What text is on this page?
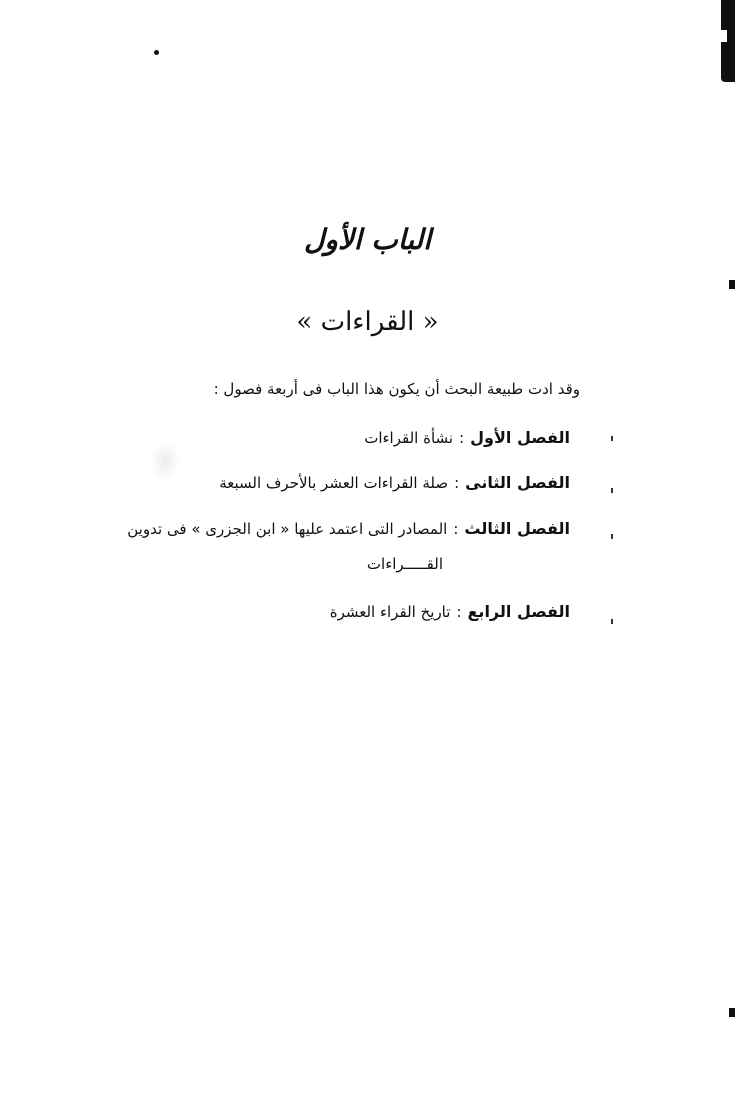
الباب الأول
« القراءات »
وقد ادت طبيعة البحث أن يكون هذا الباب فى أربعة فصول :
الفصل الأول:نشأة القراءات
الفصل الثانى:صلة القراءات العشر بالأحرف السبعة
الفصل الثالث:المصادر التى اعتمد عليها « ابن الجزرى » فى تدوين
القـــــراءات
الفصل الرابع:تاريخ القراء العشرة
